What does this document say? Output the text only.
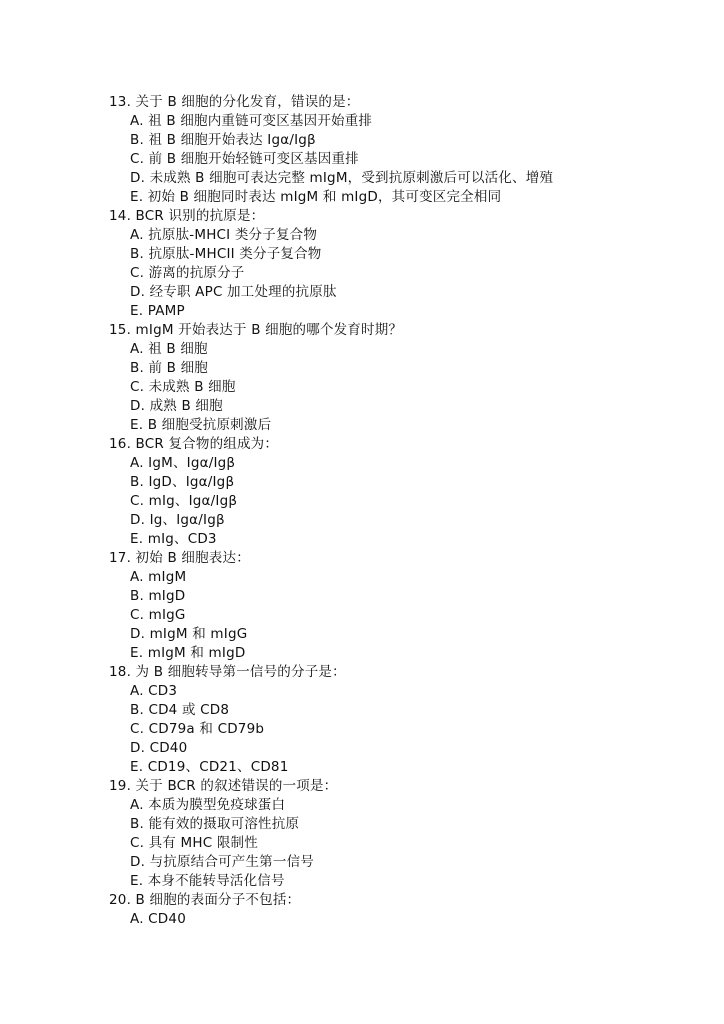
13. 关于 B 细胞的分化发育，错误的是：
A. 祖 B 细胞内重链可变区基因开始重排
B. 祖 B 细胞开始表达 Igα/Igβ
C. 前 B 细胞开始轻链可变区基因重排
D. 未成熟 B 细胞可表达完整 mIgM，受到抗原刺激后可以活化、增殖
E. 初始 B 细胞同时表达 mIgM 和 mIgD，其可变区完全相同
14. BCR 识别的抗原是：
A. 抗原肽-MHCI 类分子复合物
B. 抗原肽-MHCII 类分子复合物
C. 游离的抗原分子
D. 经专职 APC 加工处理的抗原肽
E. PAMP
15. mIgM 开始表达于 B 细胞的哪个发育时期？
A. 祖 B 细胞
B. 前 B 细胞
C. 未成熟 B 细胞
D. 成熟 B 细胞
E. B 细胞受抗原刺激后
16. BCR 复合物的组成为：
A. IgM、Igα/Igβ
B. IgD、Igα/Igβ
C. mIg、Igα/Igβ
D. Ig、Igα/Igβ
E. mIg、CD3
17. 初始 B 细胞表达：
A. mIgM
B. mIgD
C. mIgG
D. mIgM 和 mIgG
E. mIgM 和 mIgD
18. 为 B 细胞转导第一信号的分子是：
A. CD3
B. CD4 或 CD8
C. CD79a 和 CD79b
D. CD40
E. CD19、CD21、CD81
19. 关于 BCR 的叙述错误的一项是：
A. 本质为膜型免疫球蛋白
B. 能有效的摄取可溶性抗原
C. 具有 MHC 限制性
D. 与抗原结合可产生第一信号
E. 本身不能转导活化信号
20. B 细胞的表面分子不包括：
A. CD40
